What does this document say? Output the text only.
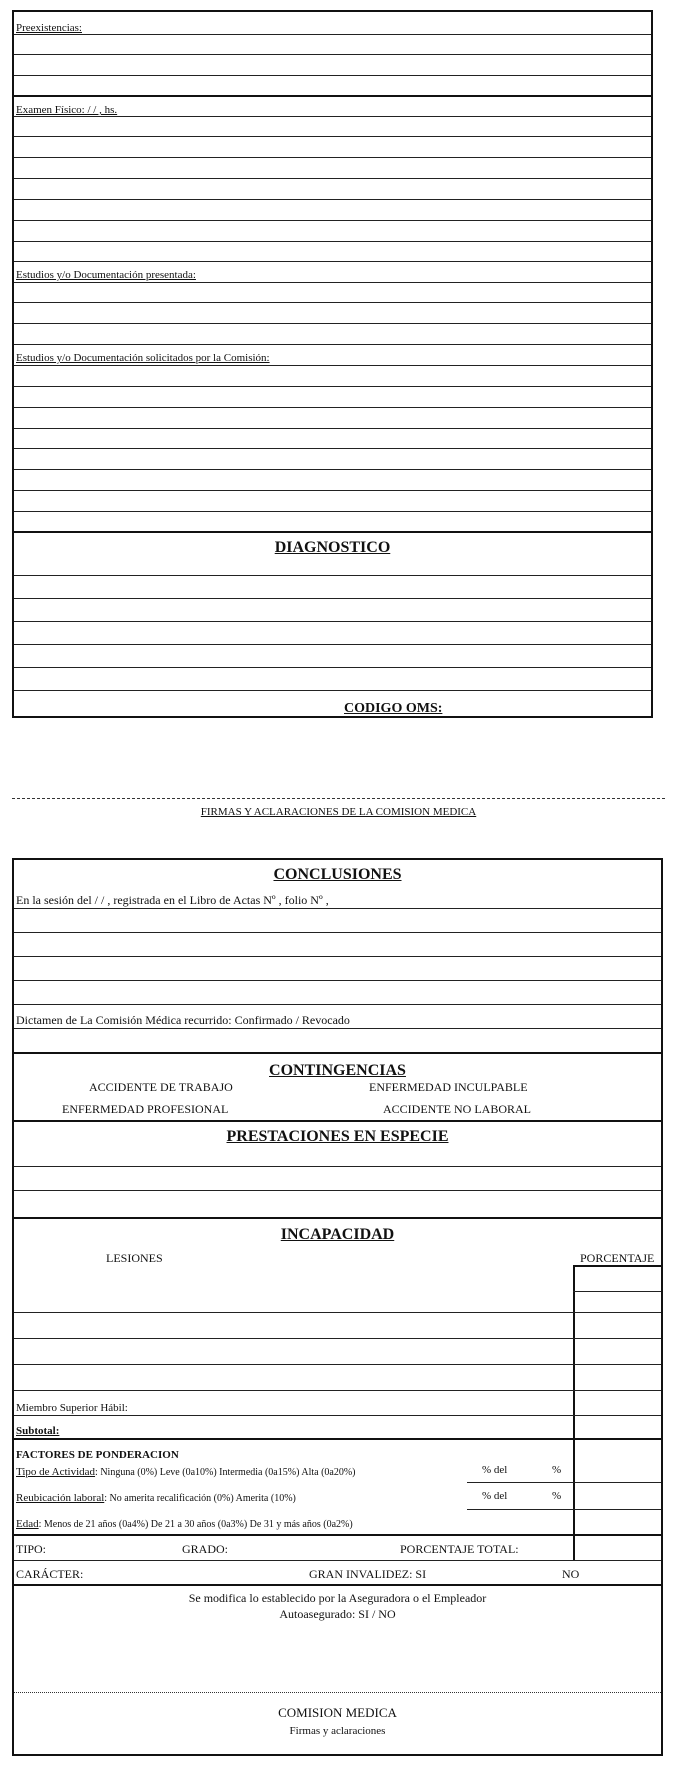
Preexistencias:
Examen Físico: / / , hs.
Estudios y/o Documentación presentada:
Estudios y/o Documentación solicitados por la Comisión:
DIAGNOSTICO
CODIGO OMS:
FIRMAS Y ACLARACIONES DE LA COMISION MEDICA
CONCLUSIONES
En la sesión del / / , registrada en el Libro de Actas Nº , folio Nº ,
Dictamen de La Comisión Médica recurrido: Confirmado / Revocado
CONTINGENCIAS
ACCIDENTE DE TRABAJO	ENFERMEDAD INCULPABLE
ENFERMEDAD PROFESIONAL	ACCIDENTE NO LABORAL
PRESTACIONES EN ESPECIE
INCAPACIDAD
LESIONES	PORCENTAJE
Miembro Superior Hábil:
Subtotal:
FACTORES DE PONDERACION
Tipo de Actividad: Ninguna (0%) Leve (0a10%) Intermedia (0a15%) Alta (0a20%)	% del	%
Reubicación laboral: No amerita recalificación (0%) Amerita (10%)	% del	%
Edad: Menos de 21 años (0a4%) De 21 a 30 años (0a3%) De 31 y más años (0a2%)
TIPO:	GRADO:	PORCENTAJE TOTAL:
CARÁCTER:	GRAN INVALIDEZ: SI	NO
Se modifica lo establecido por la Aseguradora o el Empleador
Autoasegurado: SI / NO
COMISION MEDICA
Firmas y aclaraciones
